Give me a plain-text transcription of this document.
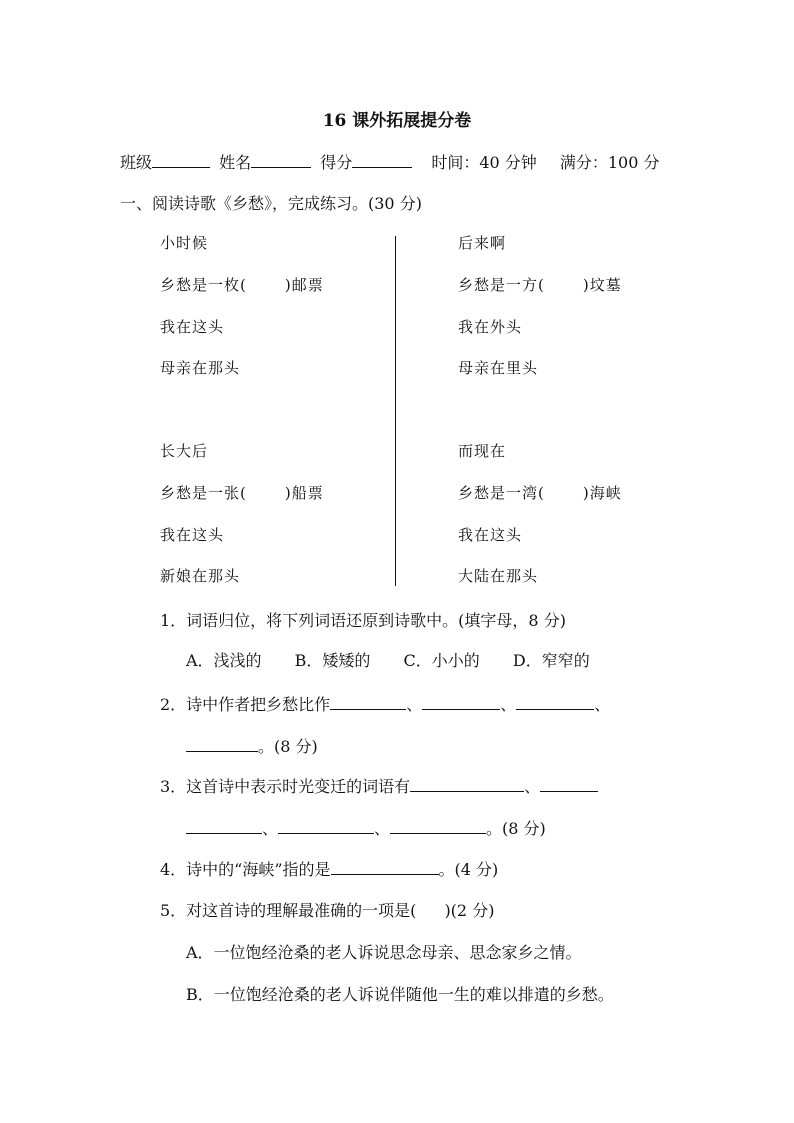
16 课外拓展提分卷
班级	姓名	得分	时间：40 分钟 满分：100 分
一、阅读诗歌《乡愁》，完成练习。(30 分)
小时候
乡愁是一枚(	)邮票
我在这头
母亲在那头
长大后
乡愁是一张(	)船票
我在这头
新娘在那头
后来啊
乡愁是一方(	)坟墓
我在外头
母亲在里头
而现在
乡愁是一湾(	)海峡
我在这头
大陆在那头
1．词语归位，将下列词语还原到诗歌中。(填字母，8 分)
A．浅浅的 B．矮矮的 C．小小的 D．窄窄的
2．诗中作者把乡愁比作	、	、	、
。(8 分)
3．这首诗中表示时光变迁的词语有	、
、	、	。(8 分)
4．诗中的“海峡”指的是	。(4 分)
5．对这首诗的理解最准确的一项是( )(2 分)
A．一位饱经沧桑的老人诉说思念母亲、思念家乡之情。
B．一位饱经沧桑的老人诉说伴随他一生的难以排遣的乡愁。
